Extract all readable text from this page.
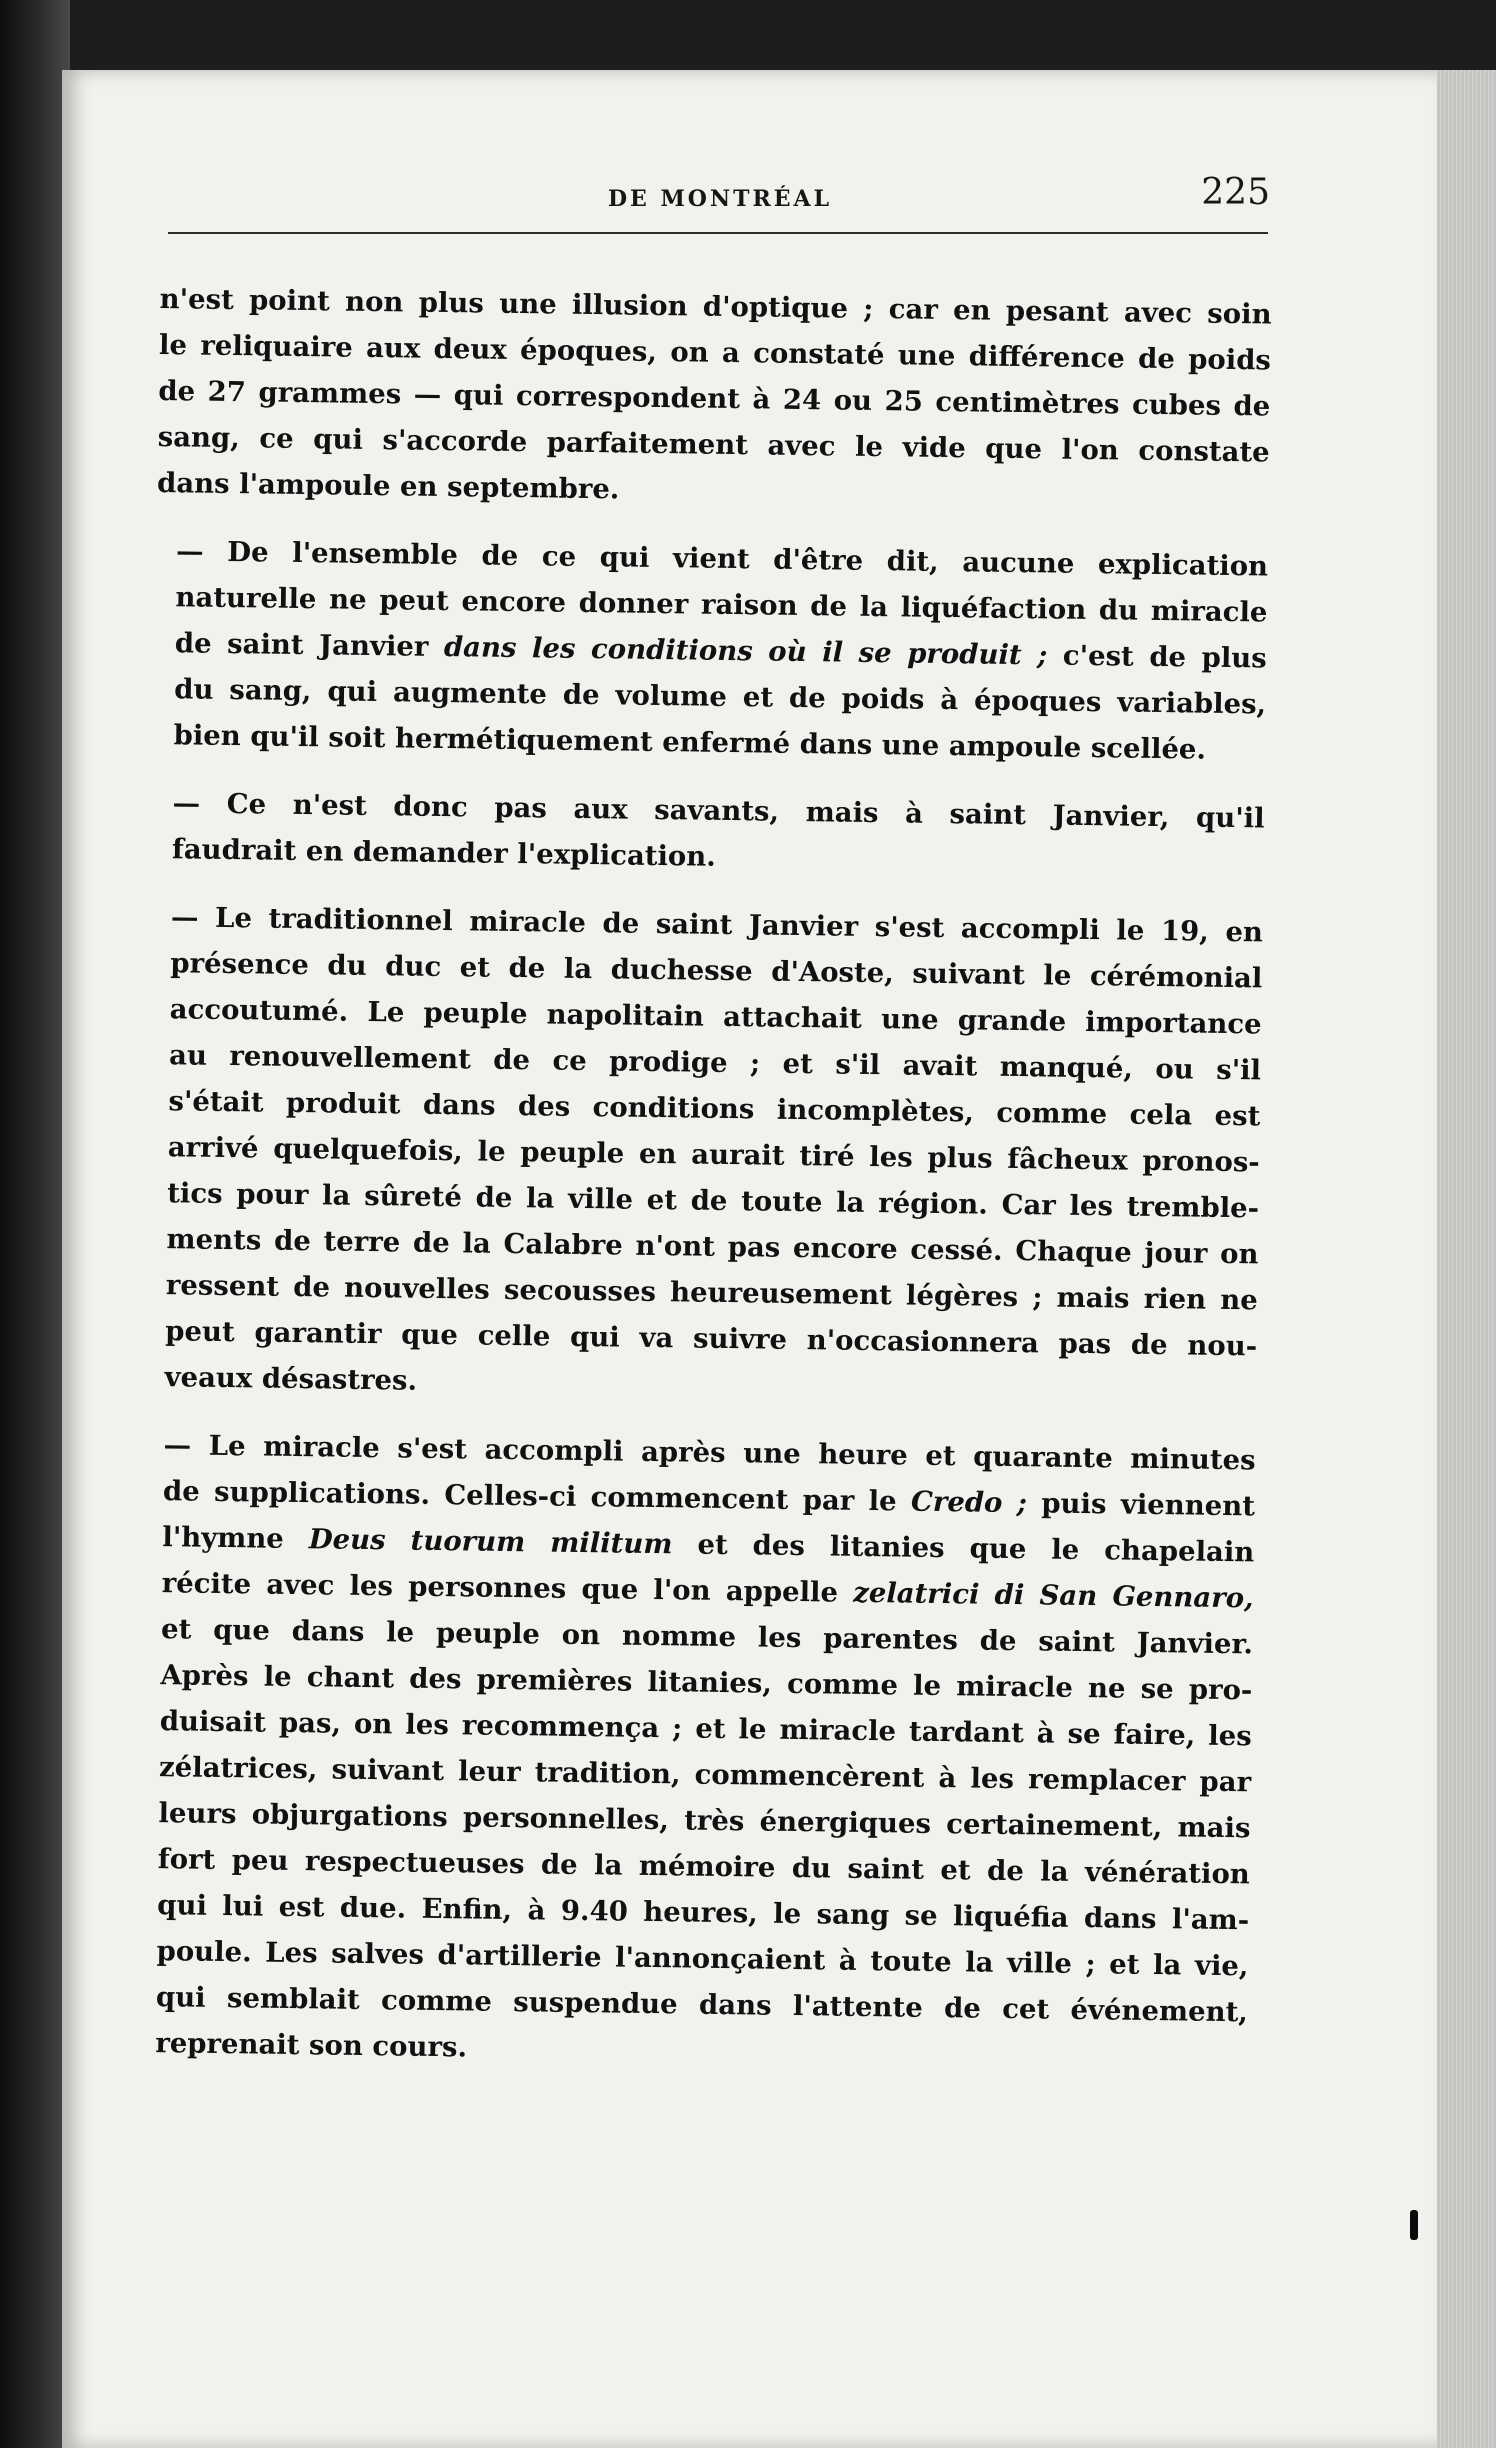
DE MONTRÉAL	225

n'est point non plus une illusion d'optique ; car en pesant avec soin
le reliquaire aux deux époques, on a constaté une différence de poids
de 27 grammes — qui correspondent à 24 ou 25 centimètres cubes de
sang, ce qui s'accorde parfaitement avec le vide que l'on constate
dans l'ampoule en septembre.

— De l'ensemble de ce qui vient d'être dit, aucune explication
naturelle ne peut encore donner raison de la liquéfaction du miracle
de saint Janvier dans les conditions où il se produit ; c'est de plus
du sang, qui augmente de volume et de poids à époques variables,
bien qu'il soit hermétiquement enfermé dans une ampoule scellée.

— Ce n'est donc pas aux savants, mais à saint Janvier, qu'il
faudrait en demander l'explication.

— Le traditionnel miracle de saint Janvier s'est accompli le 19, en
présence du duc et de la duchesse d'Aoste, suivant le cérémonial
accoutumé. Le peuple napolitain attachait une grande importance
au renouvellement de ce prodige ; et s'il avait manqué, ou s'il
s'était produit dans des conditions incomplètes, comme cela est
arrivé quelquefois, le peuple en aurait tiré les plus fâcheux pronos-
tics pour la sûreté de la ville et de toute la région. Car les tremble-
ments de terre de la Calabre n'ont pas encore cessé. Chaque jour on
ressent de nouvelles secousses heureusement légères ; mais rien ne
peut garantir que celle qui va suivre n'occasionnera pas de nou-
veaux désastres.

— Le miracle s'est accompli après une heure et quarante minutes
de supplications. Celles-ci commencent par le Credo ; puis viennent
l'hymne Deus tuorum militum et des litanies que le chapelain
récite avec les personnes que l'on appelle zelatrici di San Gennaro,
et que dans le peuple on nomme les parentes de saint Janvier.
Après le chant des premières litanies, comme le miracle ne se pro-
duisait pas, on les recommença ; et le miracle tardant à se faire, les
zélatrices, suivant leur tradition, commencèrent à les remplacer par
leurs objurgations personnelles, très énergiques certainement, mais
fort peu respectueuses de la mémoire du saint et de la vénération
qui lui est due. Enfin, à 9.40 heures, le sang se liquéfia dans l'am-
poule. Les salves d'artillerie l'annonçaient à toute la ville ; et la vie,
qui semblait comme suspendue dans l'attente de cet événement,
reprenait son cours.
